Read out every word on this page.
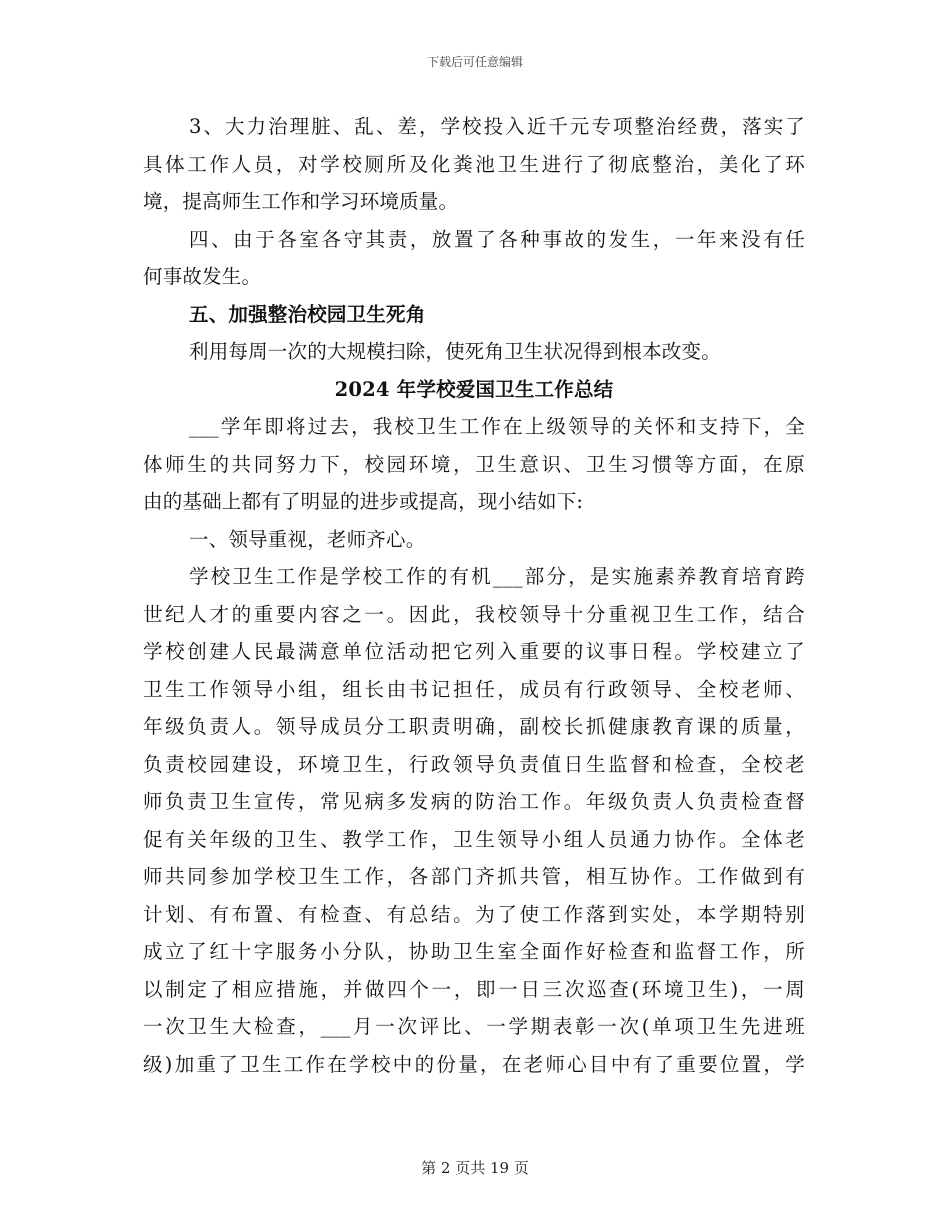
下载后可任意编辑
3、大力治理脏、乱、差，学校投入近千元专项整治经费，落实了
具体工作人员，对学校厕所及化粪池卫生进行了彻底整治，美化了环
境，提高师生工作和学习环境质量。
四、由于各室各守其责，放置了各种事故的发生，一年来没有任
何事故发生。
五、加强整治校园卫生死角
利用每周一次的大规模扫除，使死角卫生状况得到根本改变。
2024 年学校爱国卫生工作总结
___学年即将过去，我校卫生工作在上级领导的关怀和支持下，全
体师生的共同努力下，校园环境，卫生意识、卫生习惯等方面，在原
由的基础上都有了明显的进步或提高，现小结如下:
一、领导重视，老师齐心。
学校卫生工作是学校工作的有机___部分，是实施素养教育培育跨
世纪人才的重要内容之一。因此，我校领导十分重视卫生工作，结合
学校创建人民最满意单位活动把它列入重要的议事日程。学校建立了
卫生工作领导小组，组长由书记担任，成员有行政领导、全校老师、
年级负责人。领导成员分工职责明确，副校长抓健康教育课的质量，
负责校园建设，环境卫生，行政领导负责值日生监督和检查，全校老
师负责卫生宣传，常见病多发病的防治工作。年级负责人负责检查督
促有关年级的卫生、教学工作，卫生领导小组人员通力协作。全体老
师共同参加学校卫生工作，各部门齐抓共管，相互协作。工作做到有
计划、有布置、有检查、有总结。为了使工作落到实处，本学期特别
成立了红十字服务小分队，协助卫生室全面作好检查和监督工作，所
以制定了相应措施，并做四个一，即一日三次巡查(环境卫生)，一周
一次卫生大检查，___月一次评比、一学期表彰一次(单项卫生先进班
级)加重了卫生工作在学校中的份量，在老师心目中有了重要位置，学
第 2 页共 19 页
